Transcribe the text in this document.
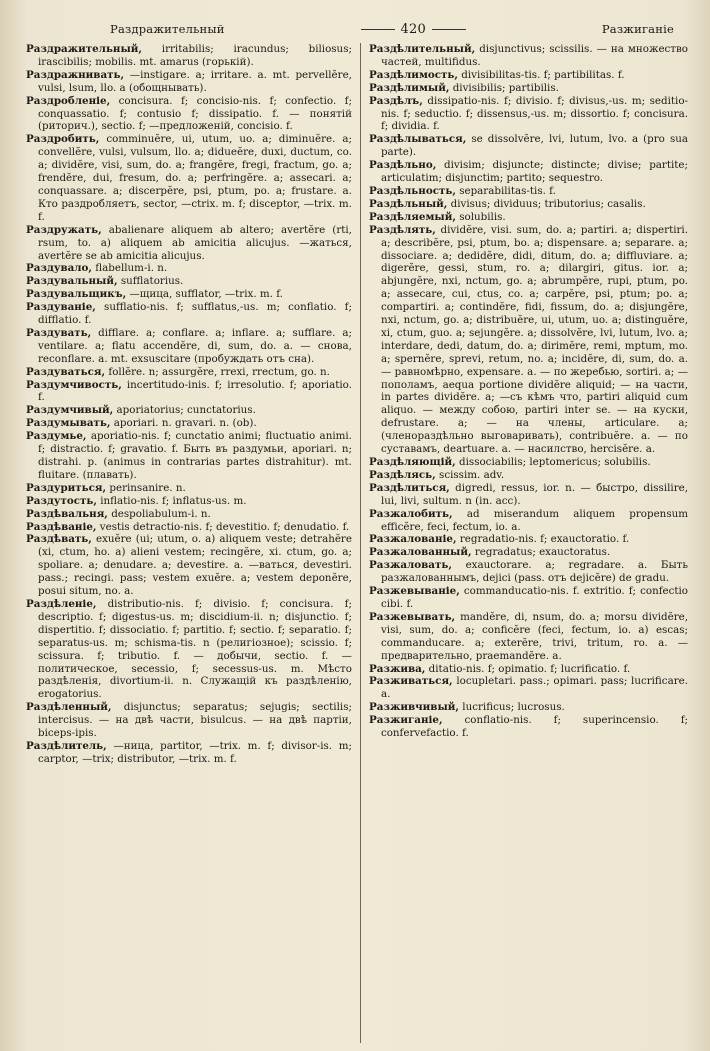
Раздражительный	420	Разжиганіе

Раздражительный, irritabilis; iracundus; biliosus; irascibilis; mobilis. mt. amarus (горькій).

Раздражнивать, —instigare. a; irritare. a. mt. pervellĕre, vulsi, lsum, llo. a (обощнывать).

Раздробленіе, concisura. f; concisio-nis. f; confectio. f; conquassatio. f; contusio f; dissipatio. f. — понятій (риторич.), sectio. f; —предложеній, concisio. f.

Раздробить, comminuĕre, ui, utum, uo. a; diminuĕre. a; convellĕre, vulsi, vulsum, llo. a; didueĕre, duxi, ductum, co. a; dividĕre, visi, sum, do. a; frangĕre, fregi, fractum, go. a; frendĕre, dui, fresum, do. a; perfringĕre. a; assecari. a; conquassare. a; discerpĕre, psi, ptum, po. a; frustare. a. Кто раздробляетъ, sector, —ctrix. m. f; disceptor, —trix. m. f.

Раздружать, abalienare aliquem ab altero; avertĕre (rti, rsum, to. a) aliquem ab amicitia alicujus. —жаться, avertĕre se ab amicitia alicujus.

Раздувало, flabellum-i. n.

Раздувальный, sufflatorius.

Раздувальщикъ, —щица, sufflator, —trix. m. f.

Раздуваніе, sufflatio-nis. f; sufflatus,-us. m; conflatio. f; difflatio. f.

Раздувать, difflare. a; conflare. a; inflare. a; sufflare. a; ventilare. a; flatu accendĕre, di, sum, do. a. — снова, reconflare. a. mt. exsuscitare (пробуждать отъ сна).

Раздуваться, follĕre. n; assurgĕre, rrexi, rrectum, go. n.

Раздумчивость, incertitudo-inis. f; irresolutio. f; aporiatio. f.

Раздумчивый, aporiatorius; cunctatorius.

Раздумывать, aporiari. n. gravari. n. (ob).

Раздумье, aporiatio-nis. f; cunctatio animi; fluctuatio animi. f; distractio. f; gravatio. f. Быть въ раздумьи, aporiari. n; distrahi. p. (animus in contrarias partes distrahitur). mt. fluitare. (плавать).

Раздуриться, perinsanire. n.

Раздутость, inflatio-nis. f; inflatus-us. m.

Раздѣвальня, despoliabulum-i. n.

Раздѣваніе, vestis detractio-nis. f; devestitio. f; denudatio. f.

Раздѣвать, exuĕre (ui; utum, o. a) aliquem veste; detrahĕre (xi, ctum, ho. a) alieni vestem; recingĕre, xi. ctum, go. a; spoliare. a; denudare. a; devestire. a. —ваться, devestiri. pass.; recingi. pass; vestem exuĕre. a; vestem deponĕre, posui situm, no. a.

Раздѣленіе, distributio-nis. f; divisio. f; concisura. f; descriptio. f; digestus-us. m; discidium-ii. n; disjunctio. f; dispertitio. f; dissociatio. f; partitio. f; sectio. f; separatio. f; separatus-us. m; schisma-tis. n (религіозное); scissio. f; scissura. f; tributio. f. — добычи, sectio. f. — политическое, secessio, f; secessus-us. m. Мѣсто раздѣленія, divortium-ii. n. Служащій къ раздѣленію, erogatorius.

Раздѣленный, disjunctus; separatus; sejugis; sectilis; intercisus. — на двѣ части, bisulcus. — на двѣ партіи, biceps-ipis.

Раздѣлитель, —ница, partitor, —trix. m. f; divisor-is. m; carptor, —trix; distributor, —trix. m. f.

Раздѣлительный, disjunctivus; scissilis. — на множество частей, multifidus.

Раздѣлимость, divisibilitas-tis. f; partibilitas. f.

Раздѣлимый, divisibilis; partibilis.

Раздѣлъ, dissipatio-nis. f; divisio. f; divisus,-us. m; seditio-nis. f; seductio. f; dissensus,-us. m; dissortio. f; concisura. f; dividia. f.

Раздѣлываться, se dissolvĕre, lvi, lutum, lvo. a (pro sua parte).

Раздѣльно, divisim; disjuncte; distincte; divise; partite; articulatim; disjunctim; partito; sequestro.

Раздѣльность, separabilitas-tis. f.

Раздѣльный, divisus; dividuus; tributorius; casalis.

Раздѣляемый, solubilis.

Раздѣлять, dividĕre, visi. sum, do. a; partiri. a; dispertiri. a; describĕre, psi, ptum, bo. a; dispensare. a; separare. a; dissociare. a; dedidĕre, didi, ditum, do. a; diffluviare. a; digerĕre, gessi, stum, ro. a; dilargiri, gitus. ior. a; abjungĕre, nxi, nctum, go. a; abrumpĕre, rupi, ptum, po. a; assecare, cui, ctus, co. a; carpĕre, psi, ptum; po. a; compartiri. a; contindĕre, fidi, fissum, do. a; disjungĕre, nxi, nctum, go. a; distribuĕre, ui, utum, uo. a; distinguĕre, xi, ctum, guo. a; sejungĕre. a; dissolvĕre, lvi, lutum, lvo. a; interdare, dedi, datum, do. a; dirimĕre, remi, mptum, mo. a; spernĕre, sprevi, retum, no. a; incidĕre, di, sum, do. a. — равномѣрно, expensare. a. — по жеребью, sortiri. a; — пополамъ, aequa portione dividĕre aliquid; — на части, in partes dividĕre. a; —съ кѣмъ что, partiri aliquid cum aliquo. — между собою, partiri inter se. — на куски, defrustare. a; — на члены, articulare. a; (членораздѣльно выговаривать), contribuĕre. a. — по суставамъ, deartuare. a. — насилство, hercisĕre. a.

Раздѣляющій, dissociabilis; leptomericus; solubilis.

Раздѣлясь, scissim. adv.

Раздѣлиться, digredi, ressus, ior. n. — быстро, dissilire, lui, livi, sultum. n (in. acc).

Разжалобить, ad miserandum aliquem propensum efficĕre, feci, fectum, io. a.

Разжалованіе, regradatio-nis. f; exauctoratio. f.

Разжалованный, regradatus; exauctoratus.

Разжаловать, exauctorare. a; regradare. a. Быть разжалованнымъ, dejici (pass. отъ dejicĕre) de gradu.

Разжевываніе, commanducatio-nis. f. extritio. f; confectio cibi. f.

Разжевывать, mandĕre, di, nsum, do. a; morsu dividĕre, visi, sum, do. a; conficĕre (feci, fectum, io. a) escas; commanducare. a; exterĕre, trivi, tritum, ro. a. — предварительно, praemandĕre. a.

Разжива, ditatio-nis. f; opimatio. f; lucrificatio. f.

Разживаться, locupletari. pass.; opimari. pass; lucrificare. a.

Разживчивый, lucrificus; lucrosus.

Разжиганіе, conflatio-nis. f; superincensio. f; confervefactio. f.
